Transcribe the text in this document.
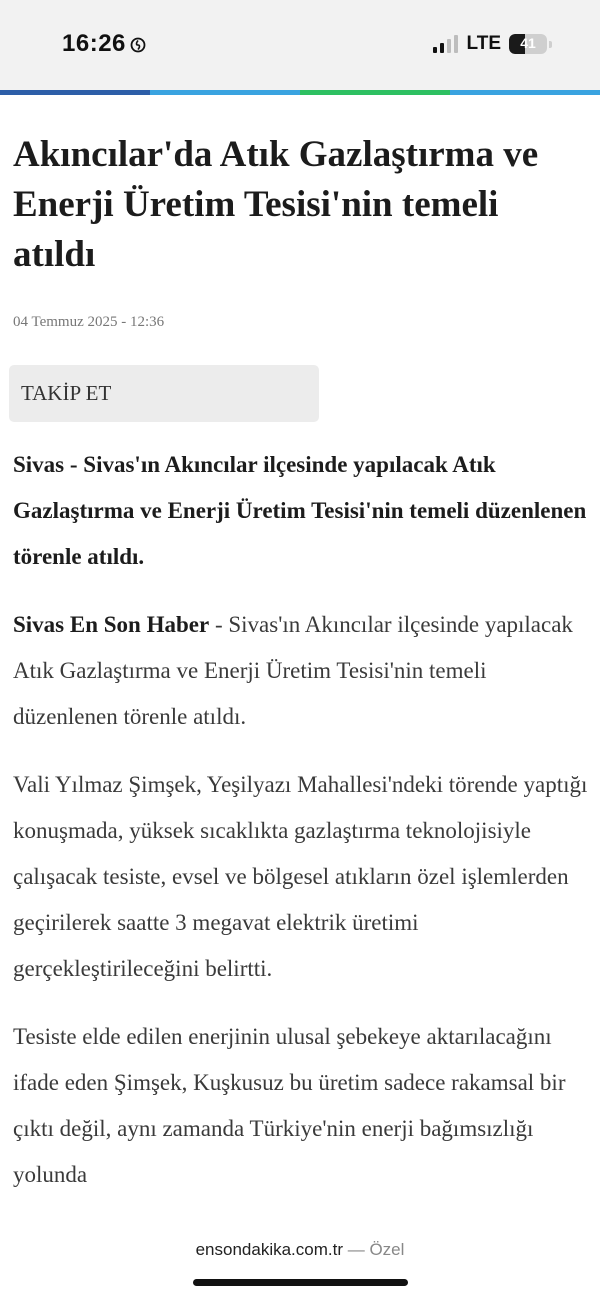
16:26	LTE	41
Akıncılar'da Atık Gazlaştırma ve Enerji Üretim Tesisi'nin temeli atıldı
04 Temmuz 2025 - 12:36
TAKİP ET

Sivas - Sivas'ın Akıncılar ilçesinde yapılacak Atık Gazlaştırma ve Enerji Üretim Tesisi'nin temeli düzenlenen törenle atıldı.

Sivas En Son Haber - Sivas'ın Akıncılar ilçesinde yapılacak Atık Gazlaştırma ve Enerji Üretim Tesisi'nin temeli düzenlenen törenle atıldı.

Vali Yılmaz Şimşek, Yeşilyazı Mahallesi'ndeki törende yaptığı konuşmada, yüksek sıcaklıkta gazlaştırma teknolojisiyle çalışacak tesiste, evsel ve bölgesel atıkların özel işlemlerden geçirilerek saatte 3 megavat elektrik üretimi gerçekleştirileceğini belirtti.

Tesiste elde edilen enerjinin ulusal şebekeye aktarılacağını ifade eden Şimşek, Kuşkusuz bu üretim sadece rakamsal bir çıktı değil, aynı zamanda Türkiye'nin enerji bağımsızlığı yolunda

ensondakika.com.tr — Özel
